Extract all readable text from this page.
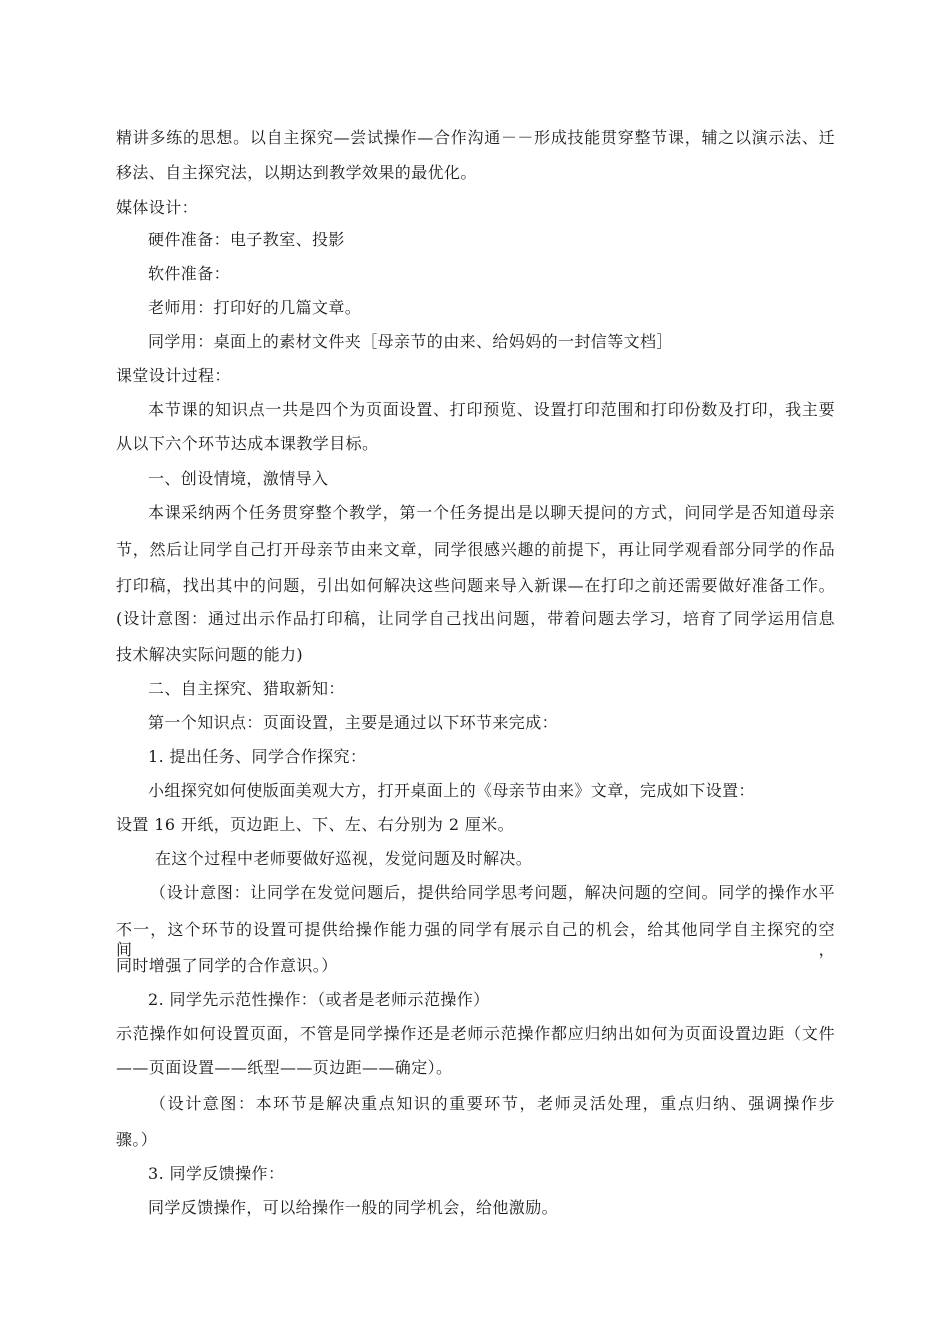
精讲多练的思想。以自主探究—尝试操作—合作沟通－－形成技能贯穿整节课，辅之以演示法、迁
移法、自主探究法，以期达到教学效果的最优化。
媒体设计：
硬件准备：电子教室、投影
软件准备：
老师用：打印好的几篇文章。
同学用：桌面上的素材文件夹［母亲节的由来、给妈妈的一封信等文档］
课堂设计过程：
本节课的知识点一共是四个为页面设置、打印预览、设置打印范围和打印份数及打印，我主要
从以下六个环节达成本课教学目标。
一、创设情境，激情导入
本课采纳两个任务贯穿整个教学，第一个任务提出是以聊天提问的方式，问同学是否知道母亲
节，然后让同学自己打开母亲节由来文章，同学很感兴趣的前提下，再让同学观看部分同学的作品
打印稿，找出其中的问题，引出如何解决这些问题来导入新课—在打印之前还需要做好准备工作。
(设计意图：通过出示作品打印稿，让同学自己找出问题，带着问题去学习，培育了同学运用信息
技术解决实际问题的能力)
二、自主探究、猎取新知：
第一个知识点：页面设置，主要是通过以下环节来完成：
1. 提出任务、同学合作探究：
小组探究如何使版面美观大方，打开桌面上的《母亲节由来》文章，完成如下设置：
设置 16 开纸，页边距上、下、左、右分别为 2 厘米。
在这个过程中老师要做好巡视，发觉问题及时解决。
（设计意图：让同学在发觉问题后，提供给同学思考问题，解决问题的空间。同学的操作水平
不一，这个环节的设置可提供给操作能力强的同学有展示自己的机会，给其他同学自主探究的空间，
同时增强了同学的合作意识。）
2. 同学先示范性操作：（或者是老师示范操作）
示范操作如何设置页面，不管是同学操作还是老师示范操作都应归纳出如何为页面设置边距（文件
——页面设置——纸型——页边距——确定）。
（设计意图：本环节是解决重点知识的重要环节，老师灵活处理，重点归纳、强调操作步
骤。）
3. 同学反馈操作：
同学反馈操作，可以给操作一般的同学机会，给他激励。
